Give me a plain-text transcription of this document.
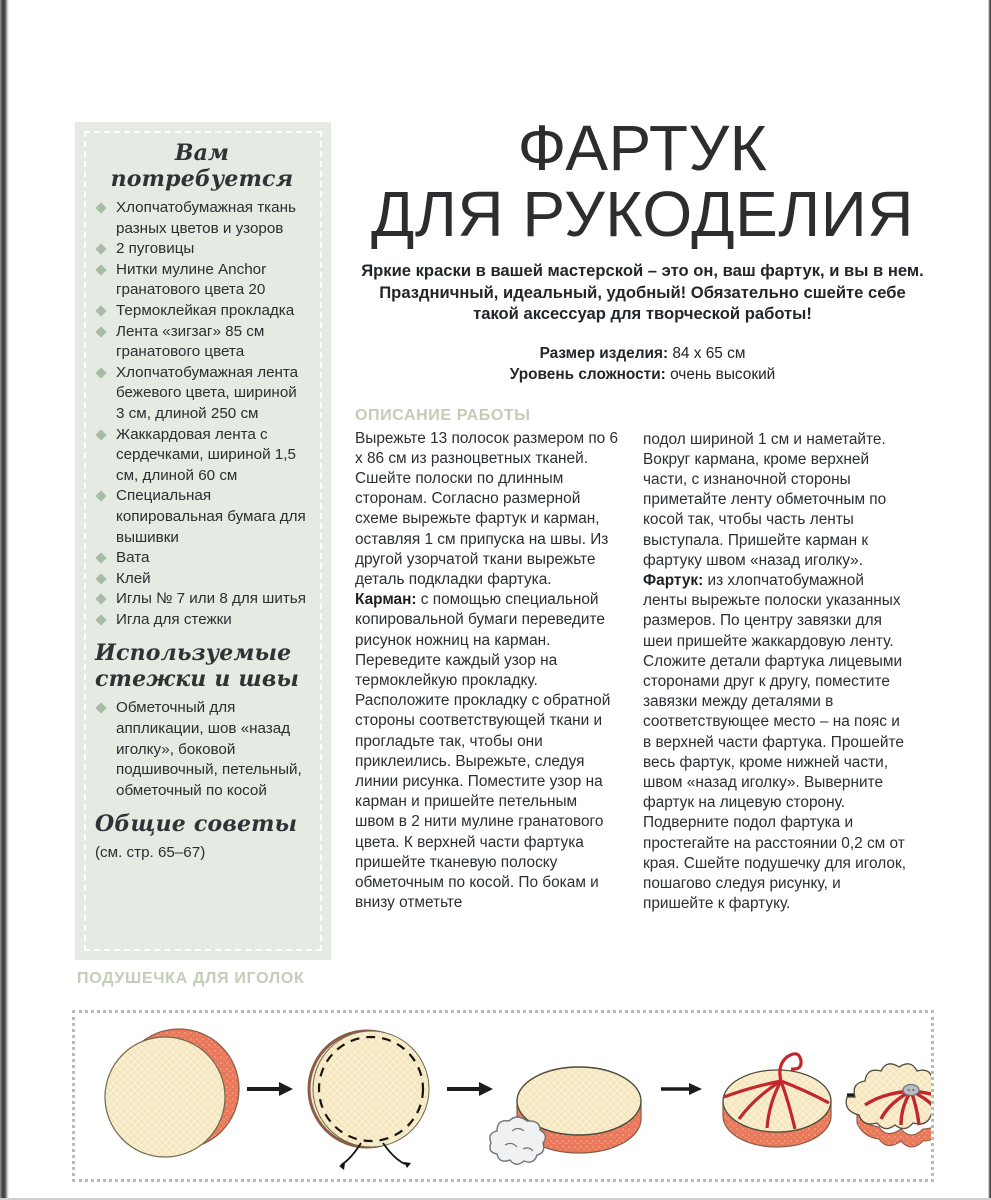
Вам потребуется
Хлопчатобумажная ткань разных цветов и узоров
2 пуговицы
Нитки мулине Anchor гранатового цвета 20
Термоклейкая прокладка
Лента «зигзаг» 85 см гранатового цвета
Хлопчатобумажная лента бежевого цвета, шириной 3 см, длиной 250 см
Жаккардовая лента с сердечками, шириной 1,5 см, длиной 60 см
Специальная копировальная бумага для вышивки
Вата
Клей
Иглы № 7 или 8 для шитья
Игла для стежки
Используемые стежки и швы
Обметочный для аппликации, шов «назад иголку», боковой подшивочный, петельный, обметочный по косой
Общие советы

(см. стр. 65–67)

ФАРТУК
ДЛЯ РУКОДЕЛИЯ

Яркие краски в вашей мастерской – это он, ваш фартук, и вы в нем. Праздничный, идеальный, удобный! Обязательно сшейте себе такой аксессуар для творческой работы!

Размер изделия: 84 x 65 см
Уровень сложности: очень высокий
ОПИСАНИЕ РАБОТЫ

Вырежьте 13 полосок размером по 6 x 86 см из разноцветных тканей. Сшейте полоски по длинным сторонам. Согласно размерной схеме вырежьте фартук и карман, оставляя 1 см припуска на швы. Из другой узорчатой ткани вырежьте деталь подкладки фартука.

Карман: с помощью специальной копировальной бумаги переведите рисунок ножниц на карман. Переведите каждый узор на термоклейкую прокладку. Расположите прокладку с обратной стороны соответствующей ткани и прогладьте так, чтобы они приклеились. Вырежьте, следуя линии рисунка. Поместите узор на карман и пришейте петельным швом в 2 нити мулине гранатового цвета. К верхней части фартука пришейте тканевую полоску обметочным по косой. По бокам и внизу отметьте

подол шириной 1 см и наметайте. Вокруг кармана, кроме верхней части, с изнаночной стороны приметайте ленту обметочным по косой так, чтобы часть ленты выступала. Пришейте карман к фартуку швом «назад иголку».

Фартук: из хлопчатобумажной ленты вырежьте полоски указанных размеров. По центру завязки для шеи пришейте жаккардовую ленту. Сложите детали фартука лицевыми сторонами друг к другу, поместите завязки между деталями в соответствующее место – на пояс и в верхней части фартука. Прошейте весь фартук, кроме нижней части, швом «назад иголку». Выверните фартук на лицевую сторону. Подверните подол фартука и простегайте на расстоянии 0,2 см от края. Сшейте подушечку для иголок, пошагово следуя рисунку, и пришейте к фартуку.

ПОДУШЕЧКА ДЛЯ ИГОЛОК
